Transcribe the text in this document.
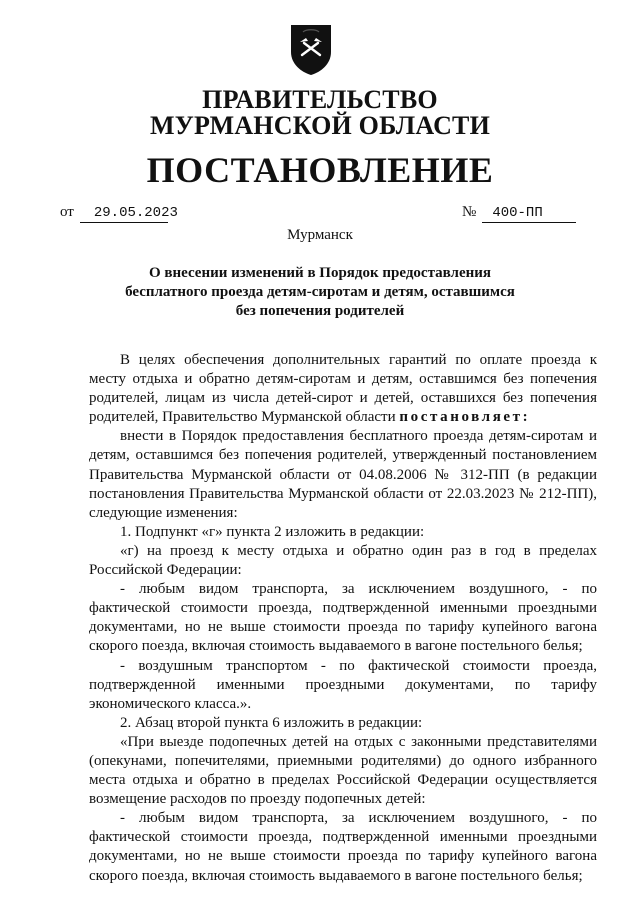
ПРАВИТЕЛЬСТВО
МУРМАНСКОЙ ОБЛАСТИ
ПОСТАНОВЛЕНИЕ
от 29.05.2023	№ 400-ПП
Мурманск
О внесении изменений в Порядок предоставления
бесплатного проезда детям-сиротам и детям, оставшимся
без попечения родителей

В целях обеспечения дополнительных гарантий по оплате проезда к месту отдыха и обратно детям-сиротам и детям, оставшимся без попечения родителей, лицам из числа детей-сирот и детей, оставшихся без попечения родителей, Правительство Мурманской области постановляет:

внести в Порядок предоставления бесплатного проезда детям-сиротам и детям, оставшимся без попечения родителей, утвержденный постановлением Правительства Мурманской области от 04.08.2006 № 312-ПП (в редакции постановления Правительства Мурманской области от 22.03.2023 № 212-ПП), следующие изменения:

1. Подпункт «г» пункта 2 изложить в редакции:

«г) на проезд к месту отдыха и обратно один раз в год в пределах Российской Федерации:

- любым видом транспорта, за исключением воздушного, - по фактической стоимости проезда, подтвержденной именными проездными документами, но не выше стоимости проезда по тарифу купейного вагона скорого поезда, включая стоимость выдаваемого в вагоне постельного белья;

- воздушным транспортом - по фактической стоимости проезда, подтвержденной именными проездными документами, по тарифу экономического класса.».

2. Абзац второй пункта 6 изложить в редакции:

«При выезде подопечных детей на отдых с законными представителями (опекунами, попечителями, приемными родителями) до одного избранного места отдыха и обратно в пределах Российской Федерации осуществляется возмещение расходов по проезду подопечных детей:

- любым видом транспорта, за исключением воздушного, - по фактической стоимости проезда, подтвержденной именными проездными документами, но не выше стоимости проезда по тарифу купейного вагона скорого поезда, включая стоимость выдаваемого в вагоне постельного белья;
